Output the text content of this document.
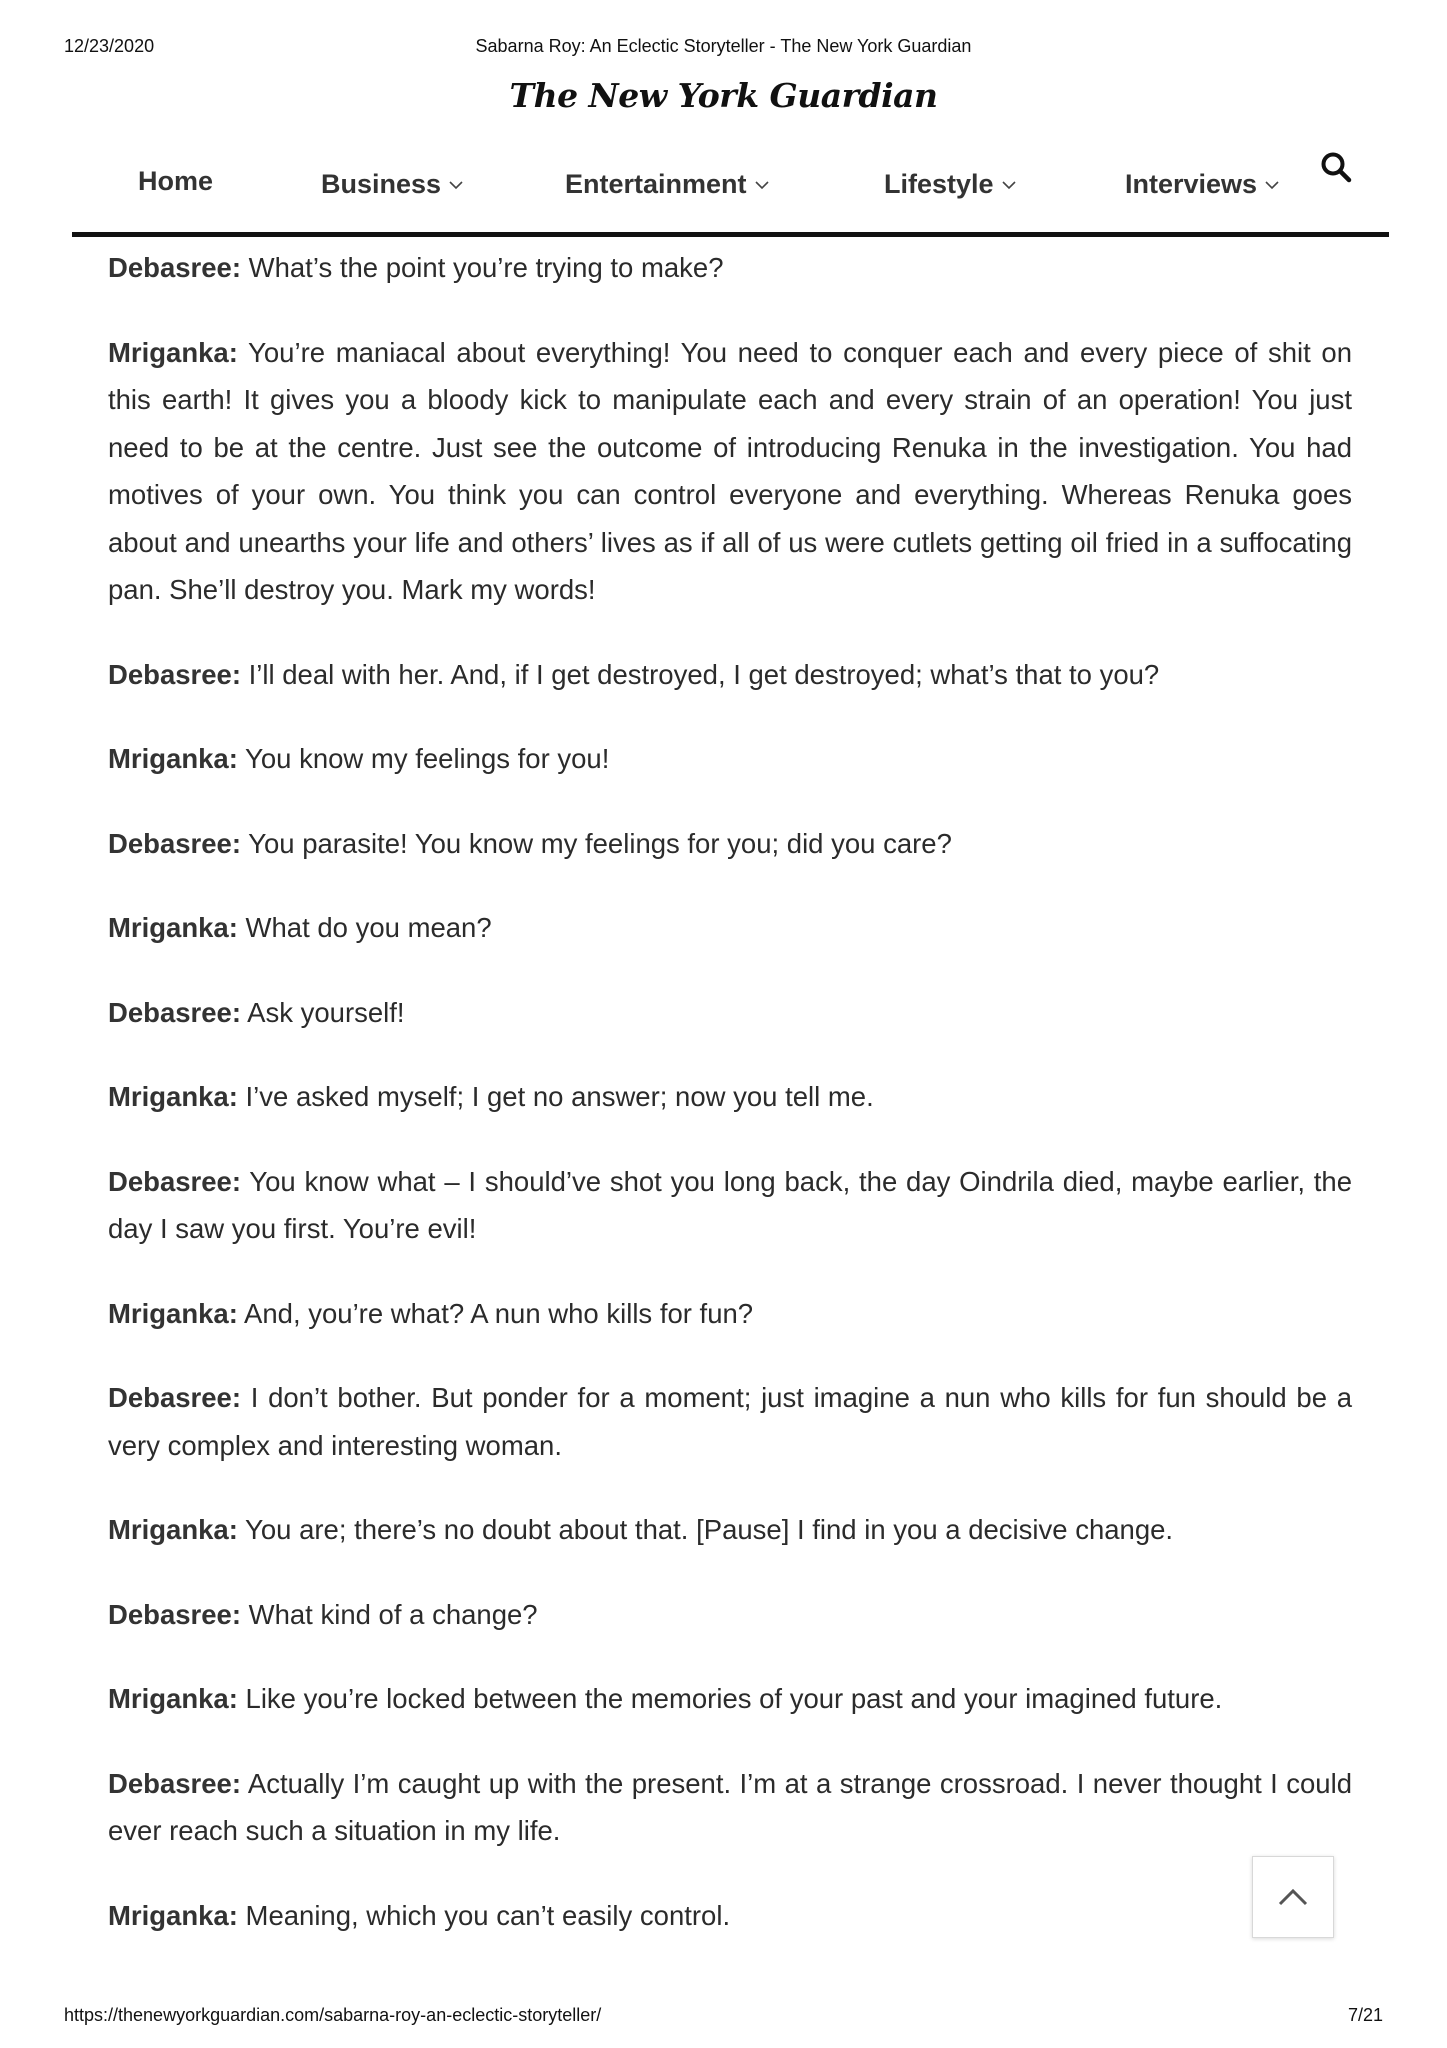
12/23/2020	Sabarna Roy: An Eclectic Storyteller - The New York Guardian
The New York Guardian
Home	Business	Entertainment	Lifestyle	Interviews

Debasree: What’s the point you’re trying to make?

Mriganka: You’re maniacal about everything! You need to conquer each and every piece of shit on this earth! It gives you a bloody kick to manipulate each and every strain of an operation! You just need to be at the centre. Just see the outcome of introducing Renuka in the investigation. You had motives of your own. You think you can control everyone and everything. Whereas Renuka goes about and unearths your life and others’ lives as if all of us were cutlets getting oil fried in a suffocating pan. She’ll destroy you. Mark my words!

Debasree: I’ll deal with her. And, if I get destroyed, I get destroyed; what’s that to you?

Mriganka: You know my feelings for you!

Debasree: You parasite! You know my feelings for you; did you care?

Mriganka: What do you mean?

Debasree: Ask yourself!

Mriganka: I’ve asked myself; I get no answer; now you tell me.

Debasree: You know what – I should’ve shot you long back, the day Oindrila died, maybe earlier, the day I saw you first. You’re evil!

Mriganka: And, you’re what? A nun who kills for fun?

Debasree: I don’t bother. But ponder for a moment; just imagine a nun who kills for fun should be a very complex and interesting woman.

Mriganka: You are; there’s no doubt about that. [Pause] I find in you a decisive change.

Debasree: What kind of a change?

Mriganka: Like you’re locked between the memories of your past and your imagined future.

Debasree: Actually I’m caught up with the present. I’m at a strange crossroad. I never thought I could ever reach such a situation in my life.

Mriganka: Meaning, which you can’t easily control.

https://thenewyorkguardian.com/sabarna-roy-an-eclectic-storyteller/	7/21
